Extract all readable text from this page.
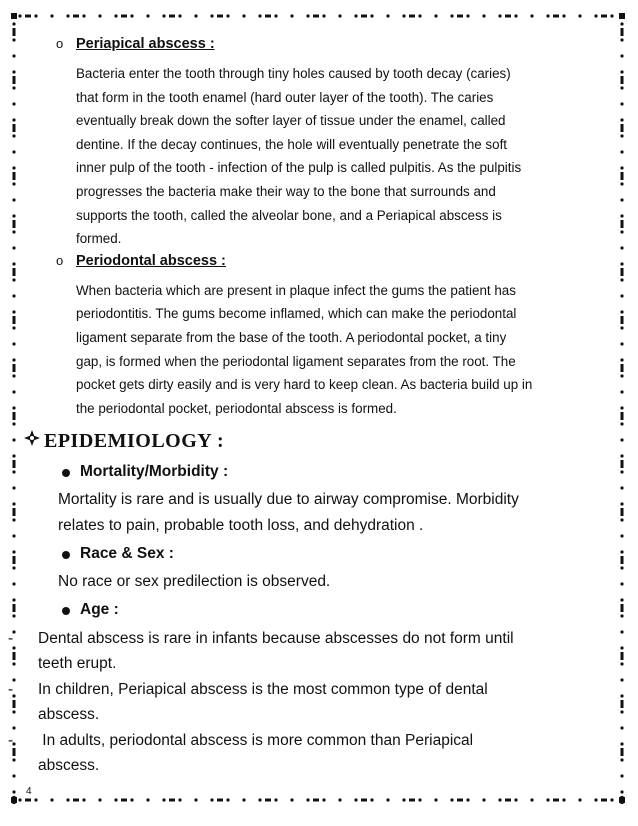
o Periapical abscess :
Bacteria enter the tooth through tiny holes caused by tooth decay (caries)
that form in the tooth enamel (hard outer layer of the tooth). The caries
eventually break down the softer layer of tissue under the enamel, called
dentine. If the decay continues, the hole will eventually penetrate the soft
inner pulp of the tooth - infection of the pulp is called pulpitis. As the pulpitis
progresses the bacteria make their way to the bone that surrounds and
supports the tooth, called the alveolar bone, and a Periapical abscess is
formed.
o Periodontal abscess :
When bacteria which are present in plaque infect the gums the patient has
periodontitis. The gums become inflamed, which can make the periodontal
ligament separate from the base of the tooth. A periodontal pocket, a tiny
gap, is formed when the periodontal ligament separates from the root. The
pocket gets dirty easily and is very hard to keep clean. As bacteria build up in
the periodontal pocket, periodontal abscess is formed.
EPIDEMIOLOGY :
Mortality/Morbidity :
Mortality is rare and is usually due to airway compromise. Morbidity
relates to pain, probable tooth loss, and dehydration .
Race & Sex :
No race or sex predilection is observed.
Age :
-	Dental abscess is rare in infants because abscesses do not form until
teeth erupt.
-	In children, Periapical abscess is the most common type of dental
abscess.
-	In adults, periodontal abscess is more common than Periapical
abscess.
4
